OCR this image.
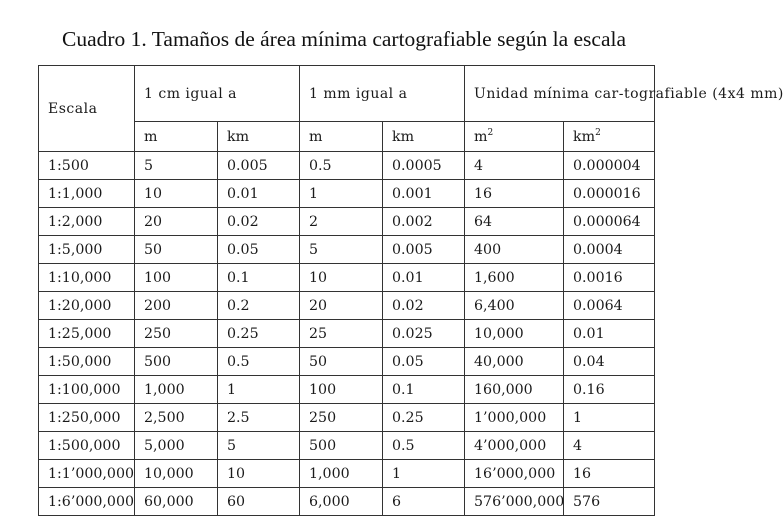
Cuadro 1. Tamaños de área mínima cartografiable según la escala
Escala	1 cm igual a		1 mm igual a		Unidad mínima car-tografiable (4x4 mm)	
	m	km	m	km	$m^2$	$km^2$
1:500	5	0.005	0.5	0.0005	4	0.000004
1:1,000	10	0.01	1	0.001	16	0.000016
1:2,000	20	0.02	2	0.002	64	0.000064
1:5,000	50	0.05	5	0.005	400	0.0004
1:10,000	100	0.1	10	0.01	1,600	0.0016
1:20,000	200	0.2	20	0.02	6,400	0.0064
1:25,000	250	0.25	25	0.025	10,000	0.01
1:50,000	500	0.5	50	0.05	40,000	0.04
1:100,000	1,000	1	100	0.1	160,000	0.16
1:250,000	2,500	2.5	250	0.25	1’000,000	1
1:500,000	5,000	5	500	0.5	4’000,000	4
1:1’000,000	10,000	10	1,000	1	16’000,000	16
1:6’000,000	60,000	60	6,000	6	576’000,000	576
